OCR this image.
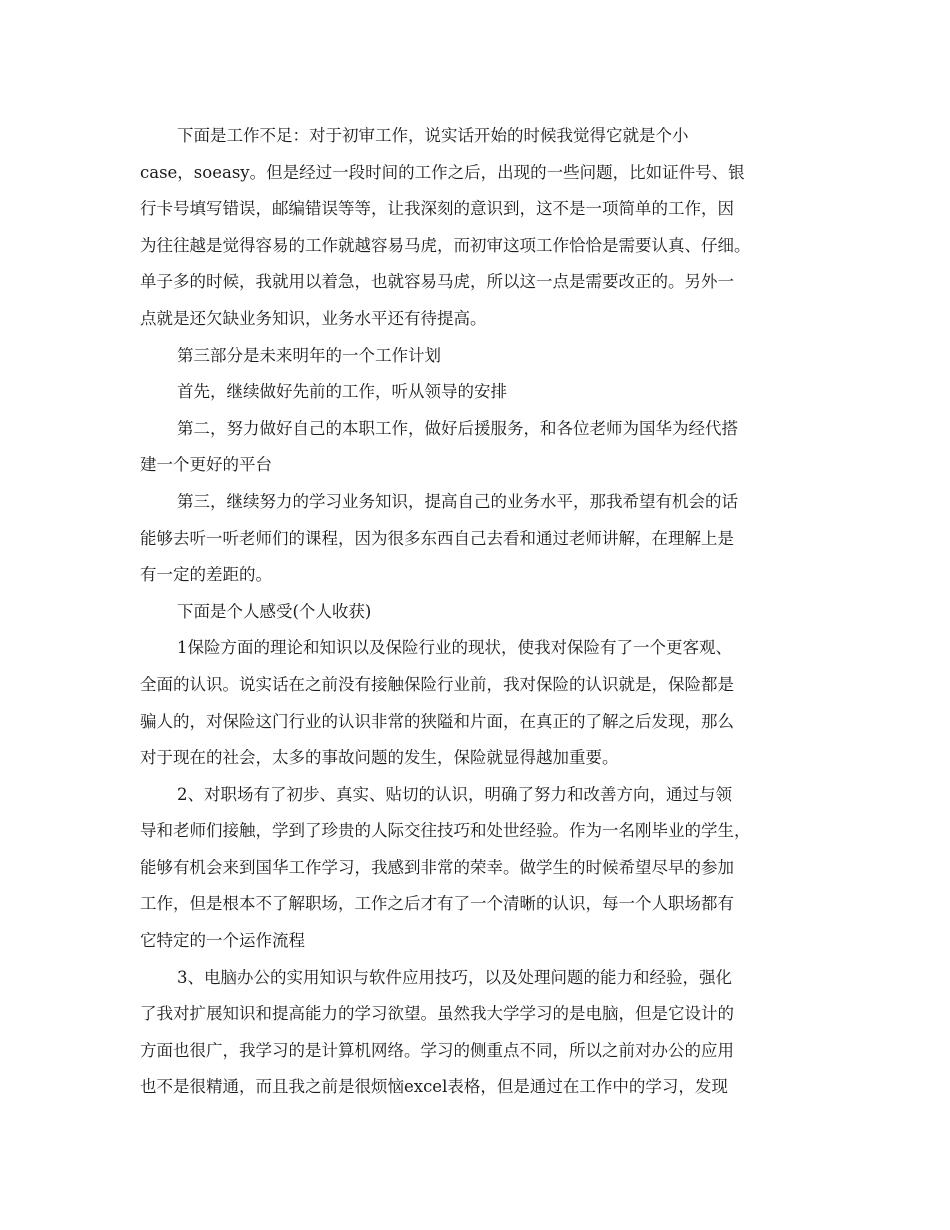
下面是工作不足：对于初审工作，说实话开始的时候我觉得它就是个小
case，soeasy。但是经过一段时间的工作之后，出现的一些问题，比如证件号、银
行卡号填写错误，邮编错误等等，让我深刻的意识到，这不是一项简单的工作，因
为往往越是觉得容易的工作就越容易马虎，而初审这项工作恰恰是需要认真、仔细。
单子多的时候，我就用以着急，也就容易马虎，所以这一点是需要改正的。另外一
点就是还欠缺业务知识，业务水平还有待提高。
第三部分是未来明年的一个工作计划
首先，继续做好先前的工作，听从领导的安排
第二，努力做好自己的本职工作，做好后援服务，和各位老师为国华为经代搭
建一个更好的平台
第三，继续努力的学习业务知识，提高自己的业务水平，那我希望有机会的话
能够去听一听老师们的课程，因为很多东西自己去看和通过老师讲解，在理解上是
有一定的差距的。
下面是个人感受(个人收获)
1保险方面的理论和知识以及保险行业的现状，使我对保险有了一个更客观、
全面的认识。说实话在之前没有接触保险行业前，我对保险的认识就是，保险都是
骗人的，对保险这门行业的认识非常的狭隘和片面，在真正的了解之后发现，那么
对于现在的社会，太多的事故问题的发生，保险就显得越加重要。
2、对职场有了初步、真实、贴切的认识，明确了努力和改善方向，通过与领
导和老师们接触，学到了珍贵的人际交往技巧和处世经验。作为一名刚毕业的学生，
能够有机会来到国华工作学习，我感到非常的荣幸。做学生的时候希望尽早的参加
工作，但是根本不了解职场，工作之后才有了一个清晰的认识，每一个人职场都有
它特定的一个运作流程
3、电脑办公的实用知识与软件应用技巧，以及处理问题的能力和经验，强化
了我对扩展知识和提高能力的学习欲望。虽然我大学学习的是电脑，但是它设计的
方面也很广，我学习的是计算机网络。学习的侧重点不同，所以之前对办公的应用
也不是很精通，而且我之前是很烦恼excel表格，但是通过在工作中的学习，发现
